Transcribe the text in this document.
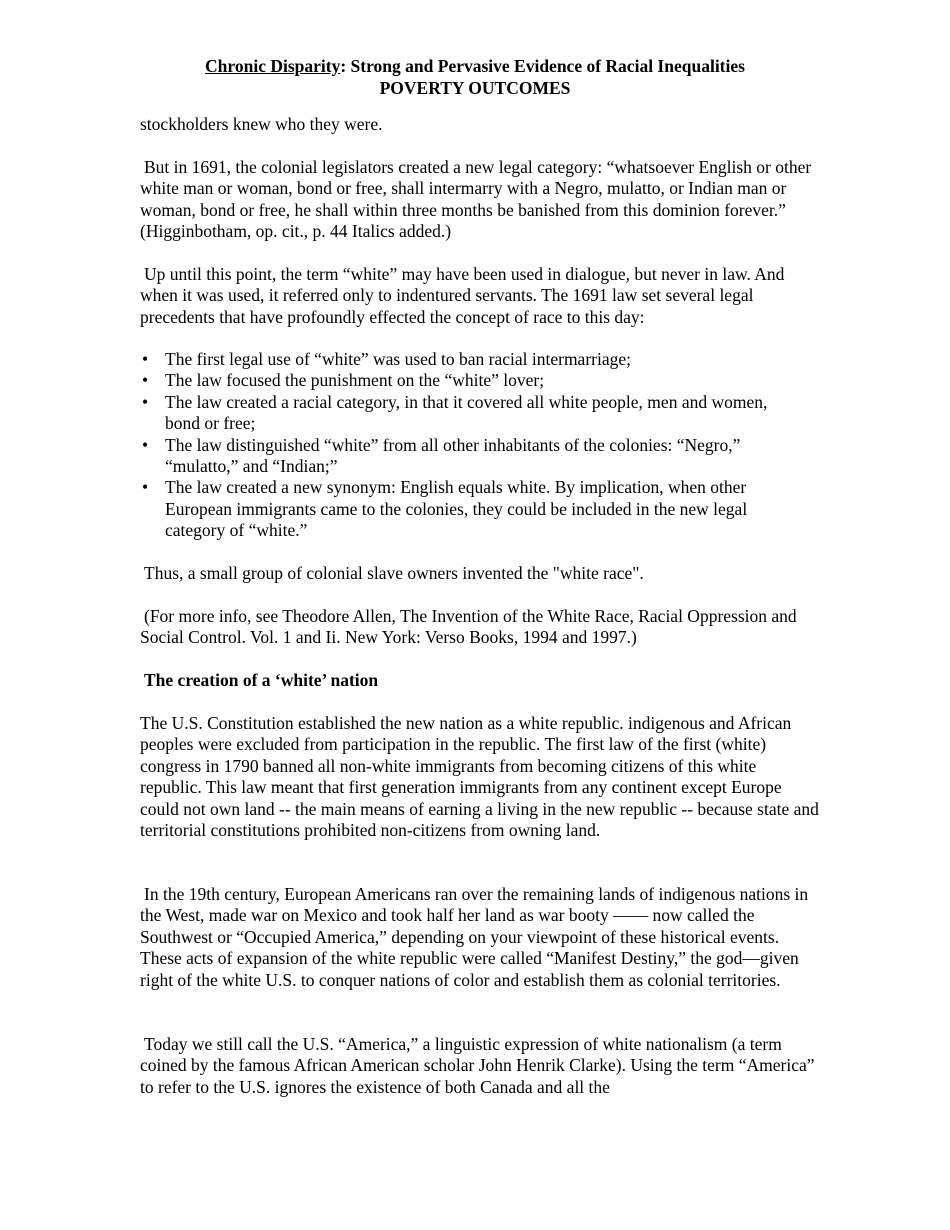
Chronic Disparity: Strong and Pervasive Evidence of Racial Inequalities
POVERTY OUTCOMES

stockholders knew who they were.

But in 1691, the colonial legislators created a new legal category: “whatsoever English or other white man or woman, bond or free, shall intermarry with a Negro, mulatto, or Indian man or woman, bond or free, he shall within three months be banished from this dominion forever.” (Higginbotham, op. cit., p. 44 Italics added.)

Up until this point, the term “white” may have been used in dialogue, but never in law. And when it was used, it referred only to indentured servants. The 1691 law set several legal precedents that have profoundly effected the concept of race to this day:

• The first legal use of “white” was used to ban racial intermarriage;
• The law focused the punishment on the “white” lover;
• The law created a racial category, in that it covered all white people, men and women, bond or free;
• The law distinguished “white” from all other inhabitants of the colonies: “Negro,” “mulatto,” and “Indian;”
• The law created a new synonym: English equals white. By implication, when other European immigrants came to the colonies, they could be included in the new legal category of “white.”

Thus, a small group of colonial slave owners invented the "white race".

(For more info, see Theodore Allen, The Invention of the White Race, Racial Oppression and Social Control. Vol. 1 and Ii. New York: Verso Books, 1994 and 1997.)

The creation of a ‘white’ nation

The U.S. Constitution established the new nation as a white republic. indigenous and African peoples were excluded from participation in the republic. The first law of the first (white) congress in 1790 banned all non-white immigrants from becoming citizens of this white republic. This law meant that first generation immigrants from any continent except Europe could not own land -- the main means of earning a living in the new republic -- because state and territorial constitutions prohibited non-citizens from owning land.

In the 19th century, European Americans ran over the remaining lands of indigenous nations in the West, made war on Mexico and took half her land as war booty —— now called the Southwest or “Occupied America,” depending on your viewpoint of these historical events. These acts of expansion of the white republic were called “Manifest Destiny,” the god—given right of the white U.S. to conquer nations of color and establish them as colonial territories.

Today we still call the U.S. “America,” a linguistic expression of white nationalism (a term coined by the famous African American scholar John Henrik Clarke). Using the term “America” to refer to the U.S. ignores the existence of both Canada and all the
